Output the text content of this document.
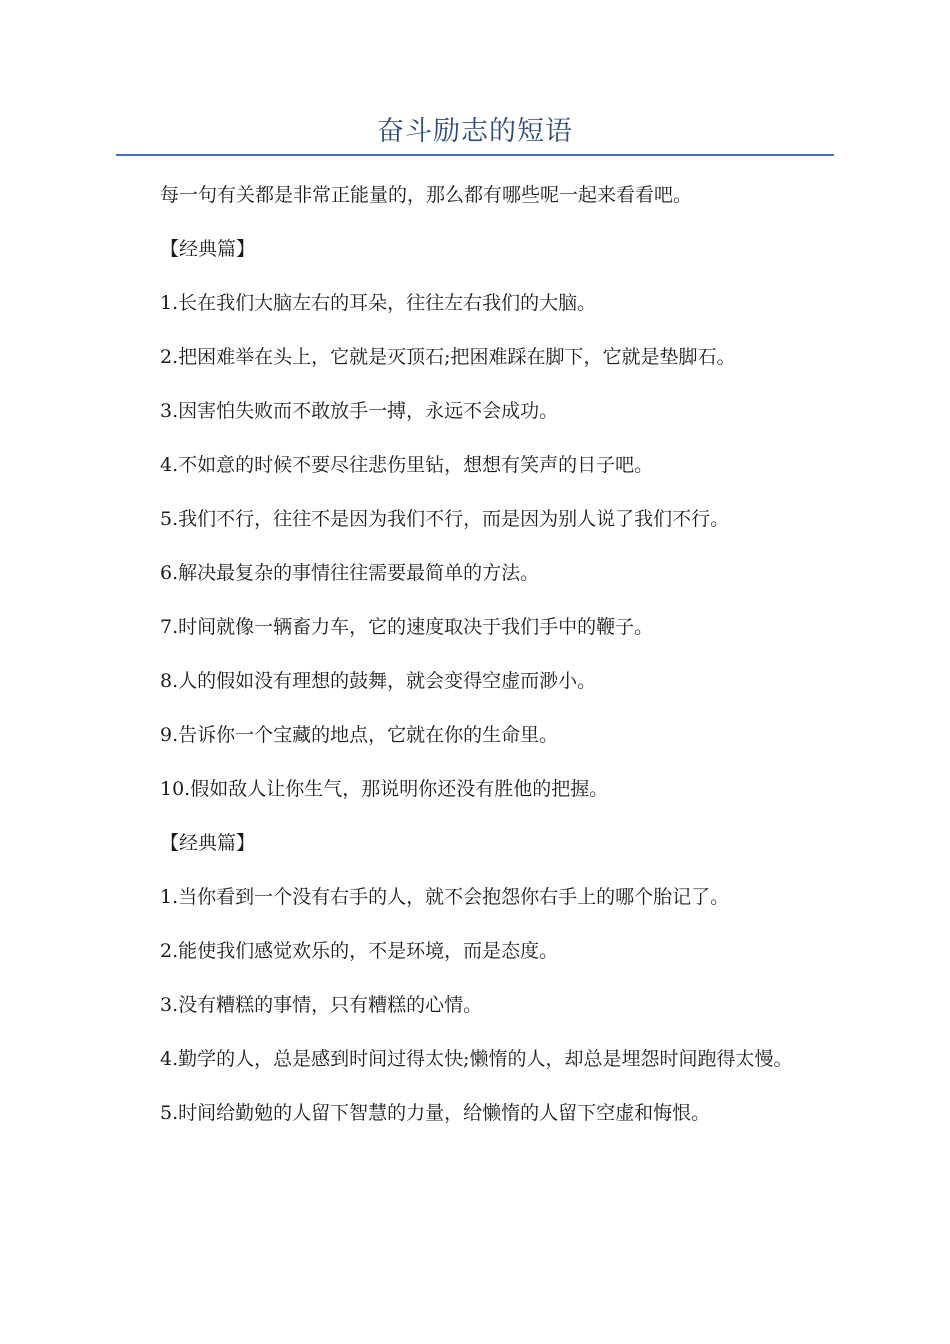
奋斗励志的短语

每一句有关都是非常正能量的，那么都有哪些呢一起来看看吧。

【经典篇】

1.长在我们大脑左右的耳朵，往往左右我们的大脑。

2.把困难举在头上，它就是灭顶石;把困难踩在脚下，它就是垫脚石。

3.因害怕失败而不敢放手一搏，永远不会成功。

4.不如意的时候不要尽往悲伤里钻，想想有笑声的日子吧。

5.我们不行，往往不是因为我们不行，而是因为别人说了我们不行。

6.解决最复杂的事情往往需要最简单的方法。

7.时间就像一辆畜力车，它的速度取决于我们手中的鞭子。

8.人的假如没有理想的鼓舞，就会变得空虚而渺小。

9.告诉你一个宝藏的地点，它就在你的生命里。

10.假如敌人让你生气，那说明你还没有胜他的把握。

【经典篇】

1.当你看到一个没有右手的人，就不会抱怨你右手上的哪个胎记了。

2.能使我们感觉欢乐的，不是环境，而是态度。

3.没有糟糕的事情，只有糟糕的心情。

4.勤学的人，总是感到时间过得太快;懒惰的人，却总是埋怨时间跑得太慢。

5.时间给勤勉的人留下智慧的力量，给懒惰的人留下空虚和悔恨。
